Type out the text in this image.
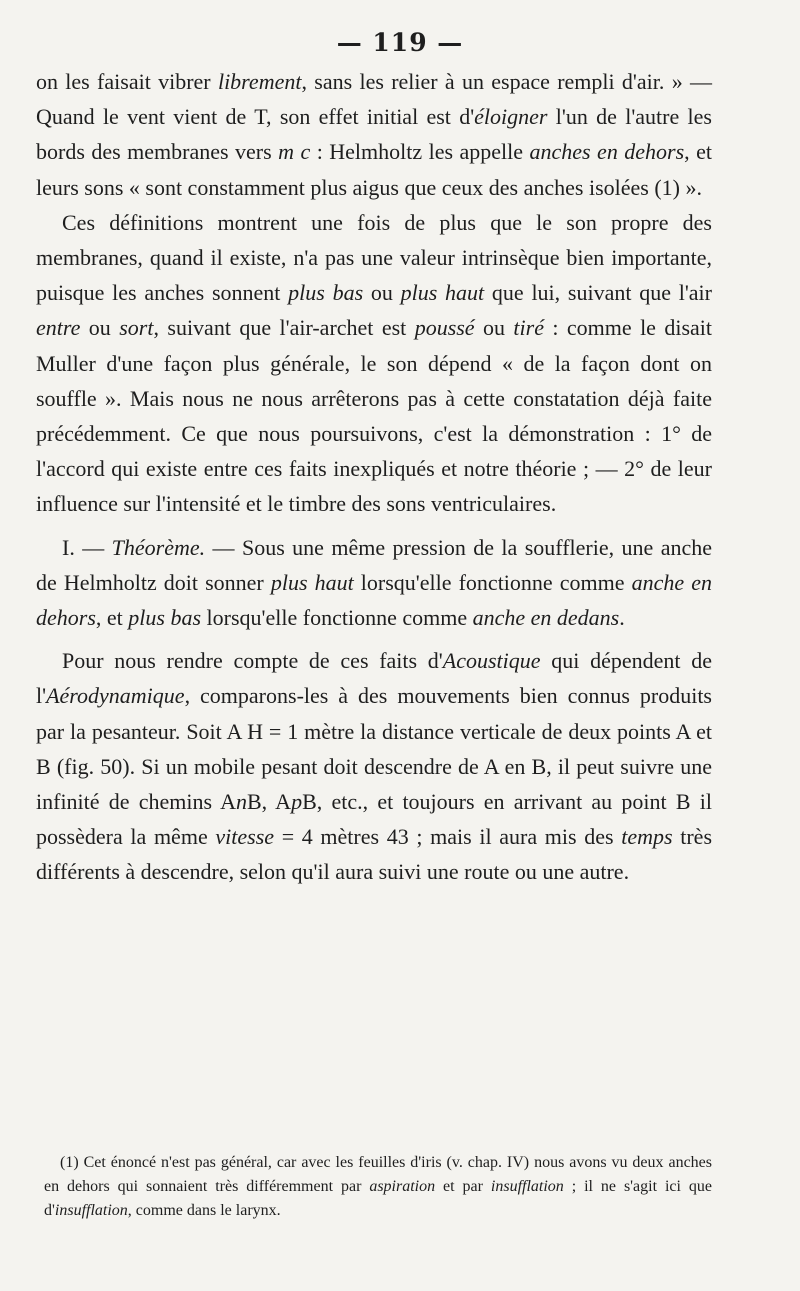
— 119 —

on les faisait vibrer librement, sans les relier à un espace rempli d'air. » — Quand le vent vient de T, son effet initial est d'éloigner l'un de l'autre les bords des membranes vers m c : Helmholtz les appelle anches en dehors, et leurs sons « sont constamment plus aigus que ceux des anches isolées (1) ».

Ces définitions montrent une fois de plus que le son propre des membranes, quand il existe, n'a pas une valeur intrinsèque bien importante, puisque les anches sonnent plus bas ou plus haut que lui, suivant que l'air entre ou sort, suivant que l'air-archet est poussé ou tiré : comme le disait Muller d'une façon plus générale, le son dépend « de la façon dont on souffle ». Mais nous ne nous arrêterons pas à cette constatation déjà faite précédemment. Ce que nous poursuivons, c'est la démonstration : 1° de l'accord qui existe entre ces faits inexpliqués et notre théorie ; — 2° de leur influence sur l'intensité et le timbre des sons ventriculaires.

I. — Théorème. — Sous une même pression de la soufflerie, une anche de Helmholtz doit sonner plus haut lorsqu'elle fonctionne comme anche en dehors, et plus bas lorsqu'elle fonctionne comme anche en dedans.

Pour nous rendre compte de ces faits d'Acoustique qui dépendent de l'Aérodynamique, comparons-les à des mouvements bien connus produits par la pesanteur. Soit A H = 1 mètre la distance verticale de deux points A et B (fig. 50). Si un mobile pesant doit descendre de A en B, il peut suivre une infinité de chemins AnB, ApB, etc., et toujours en arrivant au point B il possèdera la même vitesse = 4 mètres 43 ; mais il aura mis des temps très différents à descendre, selon qu'il aura suivi une route ou une autre.

(1) Cet énoncé n'est pas général, car avec les feuilles d'iris (v. chap. IV) nous avons vu deux anches en dehors qui sonnaient très différemment par aspiration et par insufflation ; il ne s'agit ici que d'insufflation, comme dans le larynx.
